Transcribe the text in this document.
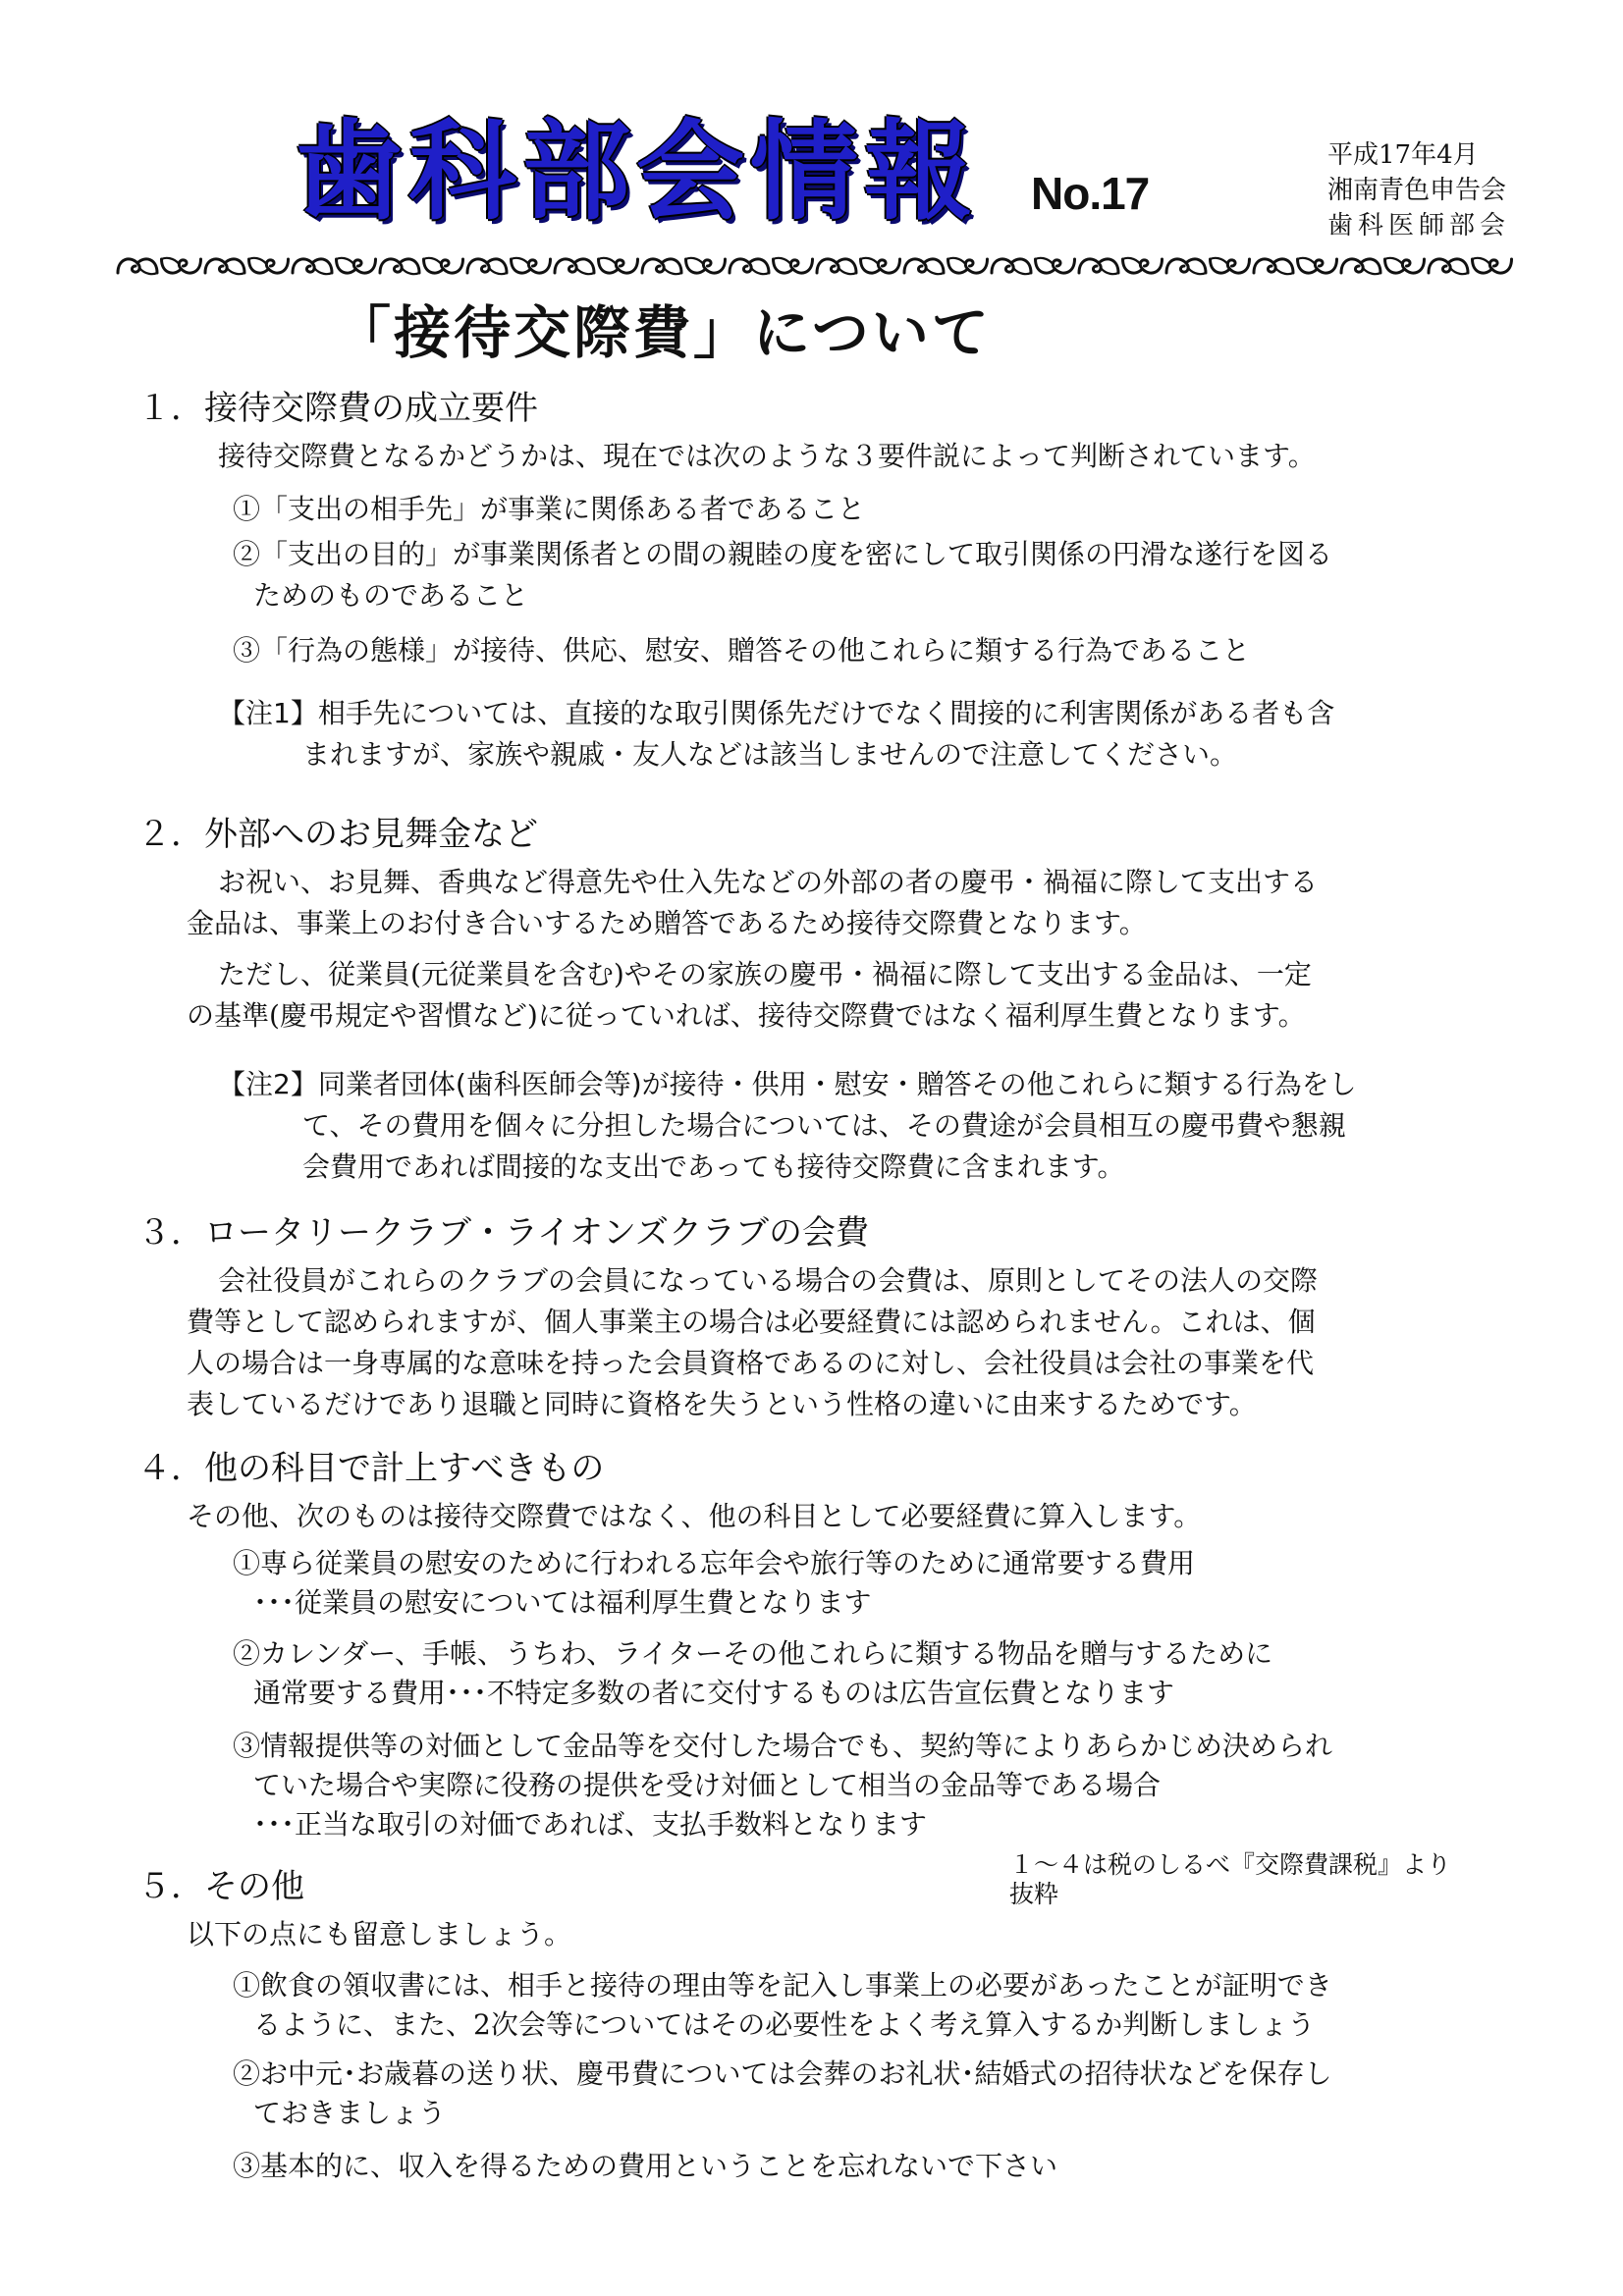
歯科部会情報 No.17
平成17年4月
湘南青色申告会
歯科医師部会
「接待交際費」について
１．接待交際費の成立要件
接待交際費となるかどうかは、現在では次のような３要件説によって判断されています。
①「支出の相手先」が事業に関係ある者であること
②「支出の目的」が事業関係者との間の親睦の度を密にして取引関係の円滑な遂行を図る
ためのものであること
③「行為の態様」が接待、供応、慰安、贈答その他これらに類する行為であること
【注1】相手先については、直接的な取引関係先だけでなく間接的に利害関係がある者も含
まれますが、家族や親戚・友人などは該当しませんので注意してください。
２．外部へのお見舞金など
お祝い、お見舞、香典など得意先や仕入先などの外部の者の慶弔・禍福に際して支出する
金品は、事業上のお付き合いするため贈答であるため接待交際費となります。
ただし、従業員(元従業員を含む)やその家族の慶弔・禍福に際して支出する金品は、一定
の基準(慶弔規定や習慣など)に従っていれば、接待交際費ではなく福利厚生費となります。
【注2】同業者団体(歯科医師会等)が接待・供用・慰安・贈答その他これらに類する行為をし
て、その費用を個々に分担した場合については、その費途が会員相互の慶弔費や懇親
会費用であれば間接的な支出であっても接待交際費に含まれます。
３．ロータリークラブ・ライオンズクラブの会費
会社役員がこれらのクラブの会員になっている場合の会費は、原則としてその法人の交際
費等として認められますが、個人事業主の場合は必要経費には認められません。これは、個
人の場合は一身専属的な意味を持った会員資格であるのに対し、会社役員は会社の事業を代
表しているだけであり退職と同時に資格を失うという性格の違いに由来するためです。
４．他の科目で計上すべきもの
その他、次のものは接待交際費ではなく、他の科目として必要経費に算入します。
①専ら従業員の慰安のために行われる忘年会や旅行等のために通常要する費用
･･･従業員の慰安については福利厚生費となります
②カレンダー、手帳、うちわ、ライターその他これらに類する物品を贈与するために
通常要する費用･･･不特定多数の者に交付するものは広告宣伝費となります
③情報提供等の対価として金品等を交付した場合でも、契約等によりあらかじめ決められ
ていた場合や実際に役務の提供を受け対価として相当の金品等である場合
･･･正当な取引の対価であれば、支払手数料となります
１～４は税のしるべ『交際費課税』より
抜粋
５．その他
以下の点にも留意しましょう。
①飲食の領収書には、相手と接待の理由等を記入し事業上の必要があったことが証明でき
るように、また、2次会等についてはその必要性をよく考え算入するか判断しましょう
②お中元･お歳暮の送り状、慶弔費については会葬のお礼状･結婚式の招待状などを保存し
ておきましょう
③基本的に、収入を得るための費用ということを忘れないで下さい
